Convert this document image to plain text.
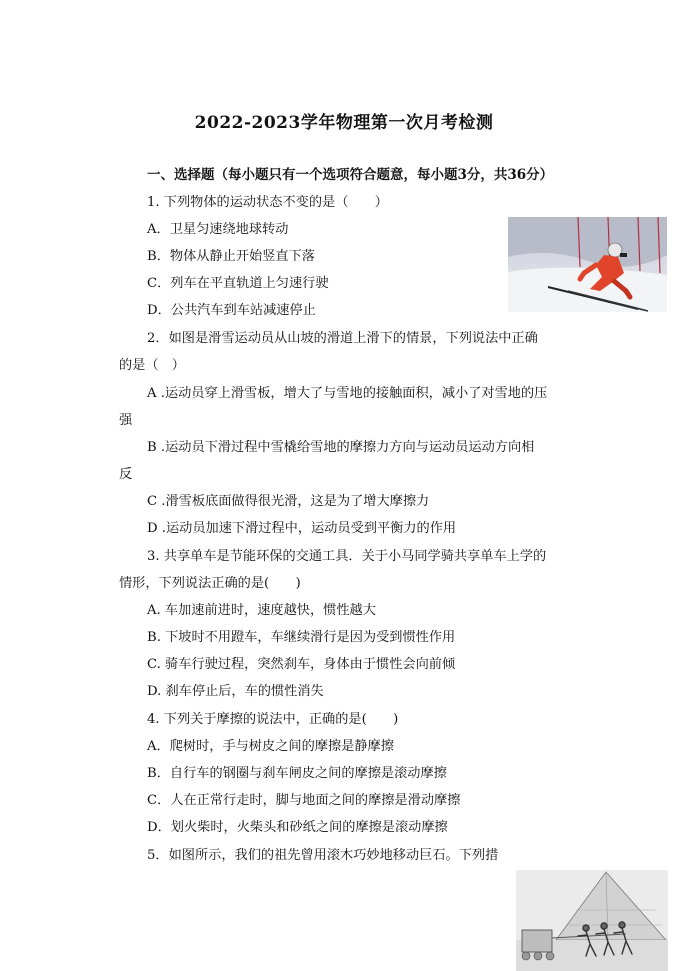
2022-2023学年物理第一次月考检测
一、选择题（每小题只有一个选项符合题意，每小题3分，共36分）
1. 下列物体的运动状态不变的是（　　）
A．卫星匀速绕地球转动
B．物体从静止开始竖直下落
C．列车在平直轨道上匀速行驶
D．公共汽车到车站减速停止
2．如图是滑雪运动员从山坡的滑道上滑下的情景，下列说法中正确
的是（　）
A .运动员穿上滑雪板，增大了与雪地的接触面积，减小了对雪地的压
强
B .运动员下滑过程中雪橇给雪地的摩擦力方向与运动员运动方向相
反
C .滑雪板底面做得很光滑，这是为了增大摩擦力
D .运动员加速下滑过程中，运动员受到平衡力的作用
3. 共享单车是节能环保的交通工具．关于小马同学骑共享单车上学的
情形，下列说法正确的是(　　)
A. 车加速前进时，速度越快，惯性越大
B. 下坡时不用蹬车，车继续滑行是因为受到惯性作用
C. 骑车行驶过程，突然刹车，身体由于惯性会向前倾
D. 刹车停止后，车的惯性消失
4. 下列关于摩擦的说法中，正确的是(　　)
A．爬树时，手与树皮之间的摩擦是静摩擦
B．自行车的钢圈与刹车闸皮之间的摩擦是滚动摩擦
C．人在正常行走时，脚与地面之间的摩擦是滑动摩擦
D．划火柴时，火柴头和砂纸之间的摩擦是滚动摩擦
5．如图所示，我们的祖先曾用滚木巧妙地移动巨石。下列措
